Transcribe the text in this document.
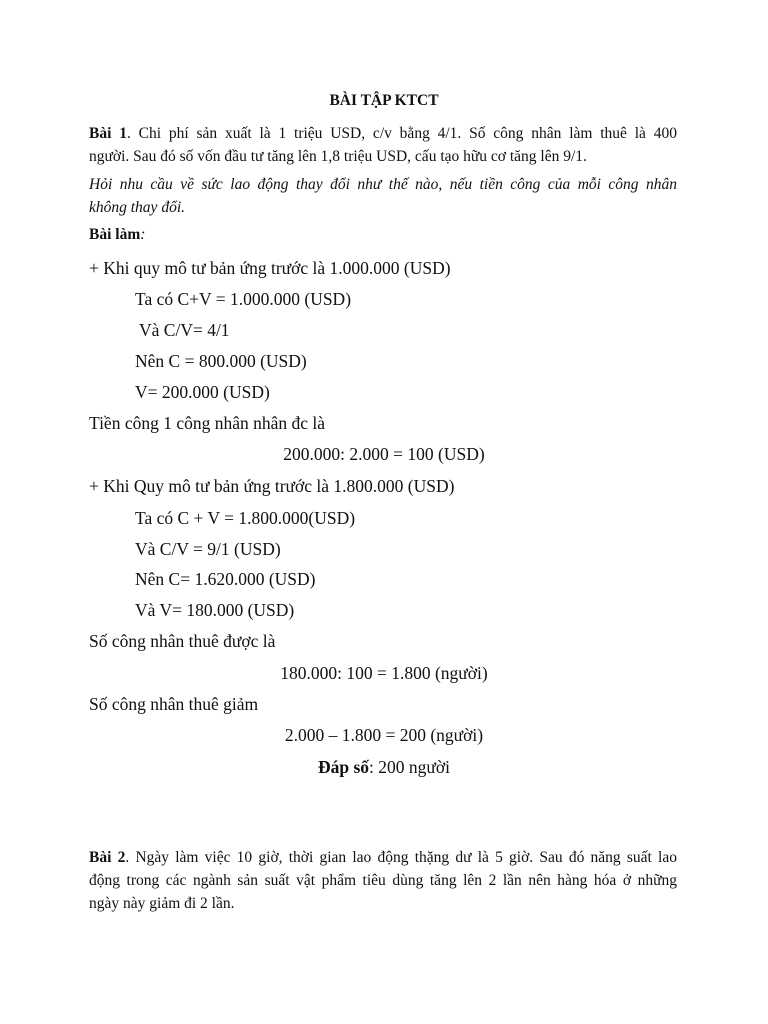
BÀI TẬP KTCT
Bài 1. Chi phí sản xuất là 1 triệu USD, c/v bằng 4/1. Số công nhân làm thuê là 400
người. Sau đó số vốn đầu tư tăng lên 1,8 triệu USD, cấu tạo hữu cơ tăng lên 9/1.
Hỏi nhu cầu về sức lao động thay đổi như thế nào, nếu tiền công của mỗi công nhân
không thay đổi.
Bài làm:
+ Khi quy mô tư bản ứng trước là 1.000.000 (USD)
Ta có C+V = 1.000.000 (USD)
Và C/V= 4/1
Nên C = 800.000 (USD)
V= 200.000 (USD)
Tiền công 1 công nhân nhân đc là
200.000: 2.000 = 100 (USD)
+ Khi Quy mô tư bản ứng trước là 1.800.000 (USD)
Ta có C + V = 1.800.000(USD)
Và C/V = 9/1 (USD)
Nên C= 1.620.000 (USD)
Và V= 180.000 (USD)
Số công nhân thuê được là
180.000: 100 = 1.800 (người)
Số công nhân thuê giảm
2.000 – 1.800 = 200 (người)
Đáp số: 200 người
Bài 2. Ngày làm việc 10 giờ, thời gian lao động thặng dư là 5 giờ. Sau đó năng suất lao
động trong các ngành sản suất vật phẩm tiêu dùng tăng lên 2 lần nên hàng hóa ở những
ngày này giảm đi 2 lần.
